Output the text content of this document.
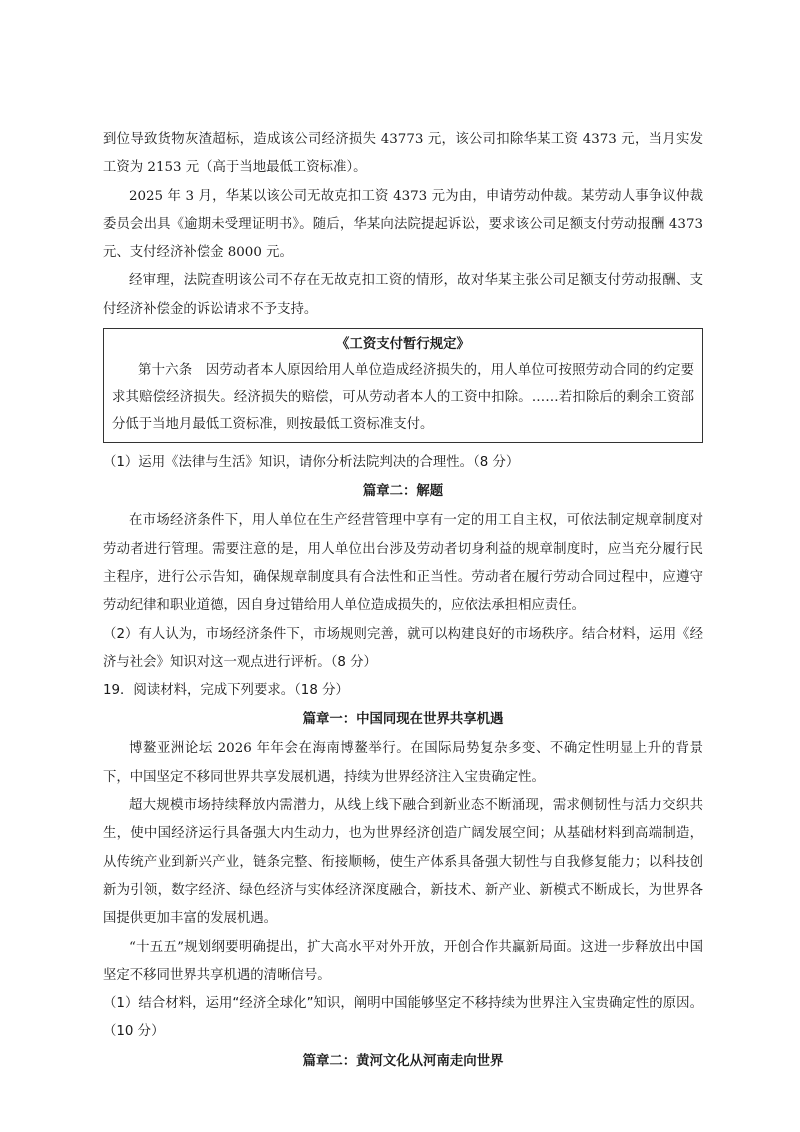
到位导致货物灰渣超标，造成该公司经济损失 43773 元，该公司扣除华某工资 4373 元，当月实发工资为 2153 元（高于当地最低工资标准）。

2025 年 3 月，华某以该公司无故克扣工资 4373 元为由，申请劳动仲裁。某劳动人事争议仲裁委员会出具《逾期未受理证明书》。随后，华某向法院提起诉讼，要求该公司足额支付劳动报酬 4373 元、支付经济补偿金 8000 元。

经审理，法院查明该公司不存在无故克扣工资的情形，故对华某主张公司足额支付劳动报酬、支付经济补偿金的诉讼请求不予支持。

《工资支付暂行规定》

第十六条　因劳动者本人原因给用人单位造成经济损失的，用人单位可按照劳动合同的约定要求其赔偿经济损失。经济损失的赔偿，可从劳动者本人的工资中扣除。……若扣除后的剩余工资部分低于当地月最低工资标准，则按最低工资标准支付。

（1）运用《法律与生活》知识，请你分析法院判决的合理性。（8 分）

篇章二：解题

在市场经济条件下，用人单位在生产经营管理中享有一定的用工自主权，可依法制定规章制度对劳动者进行管理。需要注意的是，用人单位出台涉及劳动者切身利益的规章制度时，应当充分履行民主程序，进行公示告知，确保规章制度具有合法性和正当性。劳动者在履行劳动合同过程中，应遵守劳动纪律和职业道德，因自身过错给用人单位造成损失的，应依法承担相应责任。

（2）有人认为，市场经济条件下，市场规则完善，就可以构建良好的市场秩序。结合材料，运用《经济与社会》知识对这一观点进行评析。（8 分）

19．阅读材料，完成下列要求。（18 分）

篇章一：中国同现在世界共享机遇

博鳌亚洲论坛 2026 年年会在海南博鳌举行。在国际局势复杂多变、不确定性明显上升的背景下，中国坚定不移同世界共享发展机遇，持续为世界经济注入宝贵确定性。

超大规模市场持续释放内需潜力，从线上线下融合到新业态不断涌现，需求侧韧性与活力交织共生，使中国经济运行具备强大内生动力，也为世界经济创造广阔发展空间；从基础材料到高端制造，从传统产业到新兴产业，链条完整、衔接顺畅，使生产体系具备强大韧性与自我修复能力；以科技创新为引领，数字经济、绿色经济与实体经济深度融合，新技术、新产业、新模式不断成长，为世界各国提供更加丰富的发展机遇。

“十五五”规划纲要明确提出，扩大高水平对外开放，开创合作共赢新局面。这进一步释放出中国坚定不移同世界共享机遇的清晰信号。

（1）结合材料，运用“经济全球化”知识，阐明中国能够坚定不移持续为世界注入宝贵确定性的原因。（10 分）

篇章二：黄河文化从河南走向世界
